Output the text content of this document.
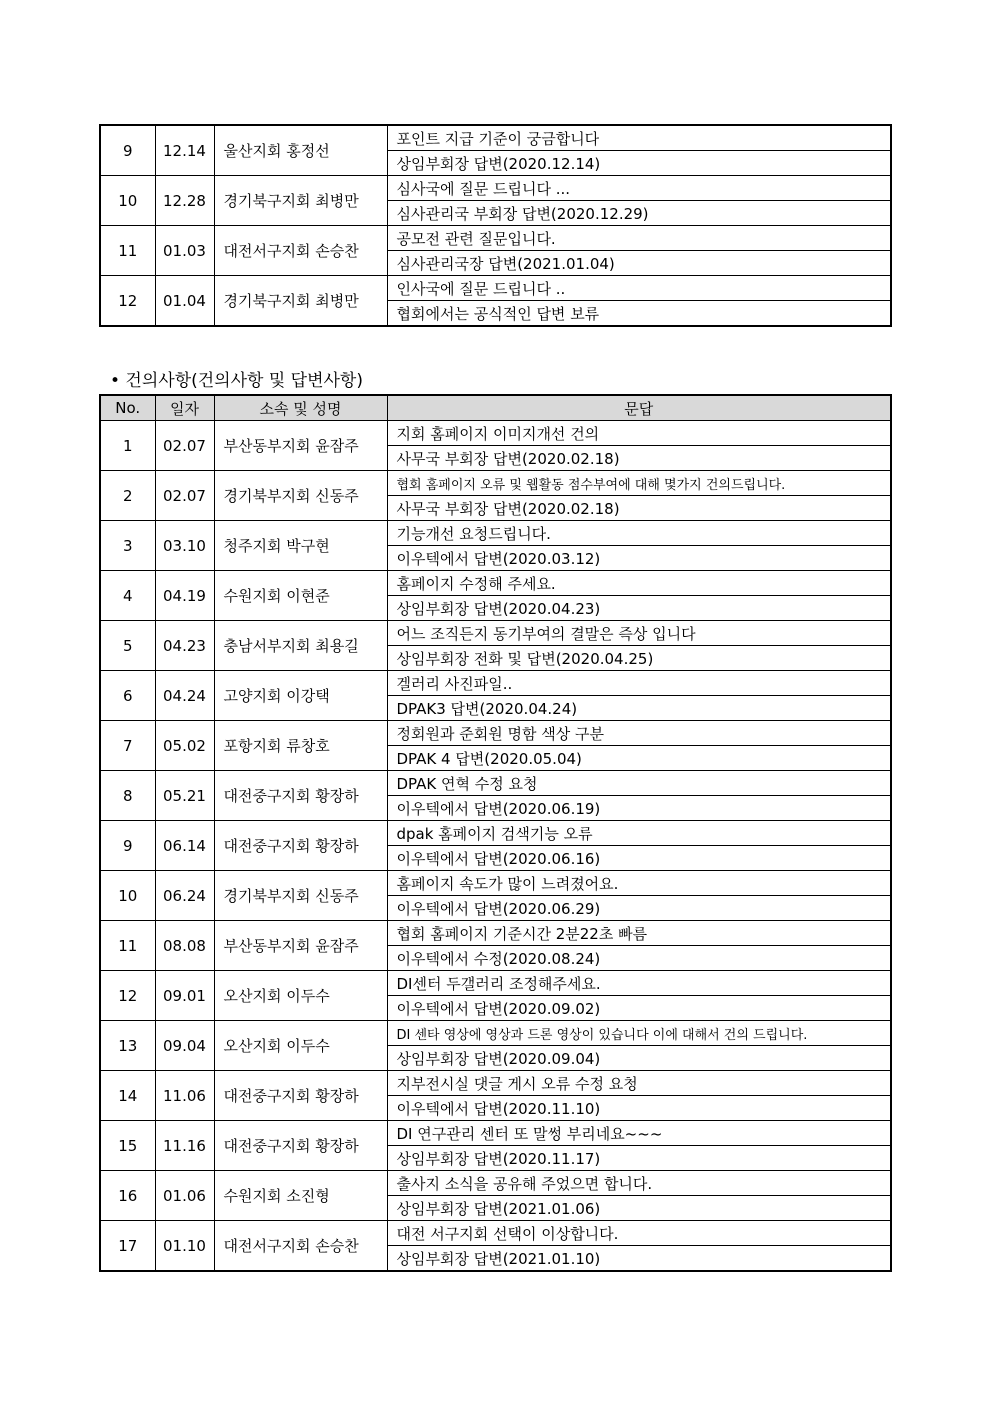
9	12.14	울산지회 홍정선	포인트 지급 기준이 궁금합니다
			상임부회장 답변(2020.12.14)
10	12.28	경기북구지회 최병만	심사국에 질문 드립니다 ...
			심사관리국 부회장 답변(2020.12.29)
11	01.03	대전서구지회 손승찬	공모전 관련 질문입니다.
			심사관리국장 답변(2021.01.04)
12	01.04	경기북구지회 최병만	인사국에 질문 드립니다 ..
			협회에서는 공식적인 답변 보류
• 건의사항(건의사항 및 답변사항)
No.	일자	소속 및 성명	문답
1	02.07	부산동부지회 윤잠주	지회 홈페이지 이미지개선 건의
			사무국 부회장 답변(2020.02.18)
2	02.07	경기북부지회 신동주	협회 홈페이지 오류 및 웹활동 점수부여에 대해 몇가지 건의드립니다.
			사무국 부회장 답변(2020.02.18)
3	03.10	청주지회 박구현	기능개선 요청드립니다.
			이우텍에서 답변(2020.03.12)
4	04.19	수원지회 이현준	홈페이지 수정해 주세요.
			상임부회장 답변(2020.04.23)
5	04.23	충남서부지회 최용길	어느 조직든지 동기부여의 결말은 즉상 입니다
			상임부회장 전화 및 답변(2020.04.25)
6	04.24	고양지회 이강택	겔러리 사진파일..
			DPAK3 답변(2020.04.24)
7	05.02	포항지회 류창호	정회원과 준회원 명함 색상 구분
			DPAK 4 답변(2020.05.04)
8	05.21	대전중구지회 황장하	DPAK 연혁 수정 요청
			이우텍에서 답변(2020.06.19)
9	06.14	대전중구지회 황장하	dpak 홈페이지 검색기능 오류
			이우텍에서 답변(2020.06.16)
10	06.24	경기북부지회 신동주	홈페이지 속도가 많이 느려졌어요.
			이우텍에서 답변(2020.06.29)
11	08.08	부산동부지회 윤잠주	협회 홈페이지 기준시간 2분22초 빠름
			이우텍에서 수정(2020.08.24)
12	09.01	오산지회 이두수	DI센터 두갤러리 조정해주세요.
			이우텍에서 답변(2020.09.02)
13	09.04	오산지회 이두수	DI 센타 영상에 영상과 드론 영상이 있습니다 이에 대해서 건의 드립니다.
			상임부회장 답변(2020.09.04)
14	11.06	대전중구지회 황장하	지부전시실 댓글 게시 오류 수정 요청
			이우텍에서 답변(2020.11.10)
15	11.16	대전중구지회 황장하	DI 연구관리 센터 또 말썽 부리네요~~~
			상임부회장 답변(2020.11.17)
16	01.06	수원지회 소진형	출사지 소식을 공유해 주었으면 합니다.
			상임부회장 답변(2021.01.06)
17	01.10	대전서구지회 손승찬	대전 서구지회 선택이 이상합니다.
			상임부회장 답변(2021.01.10)
